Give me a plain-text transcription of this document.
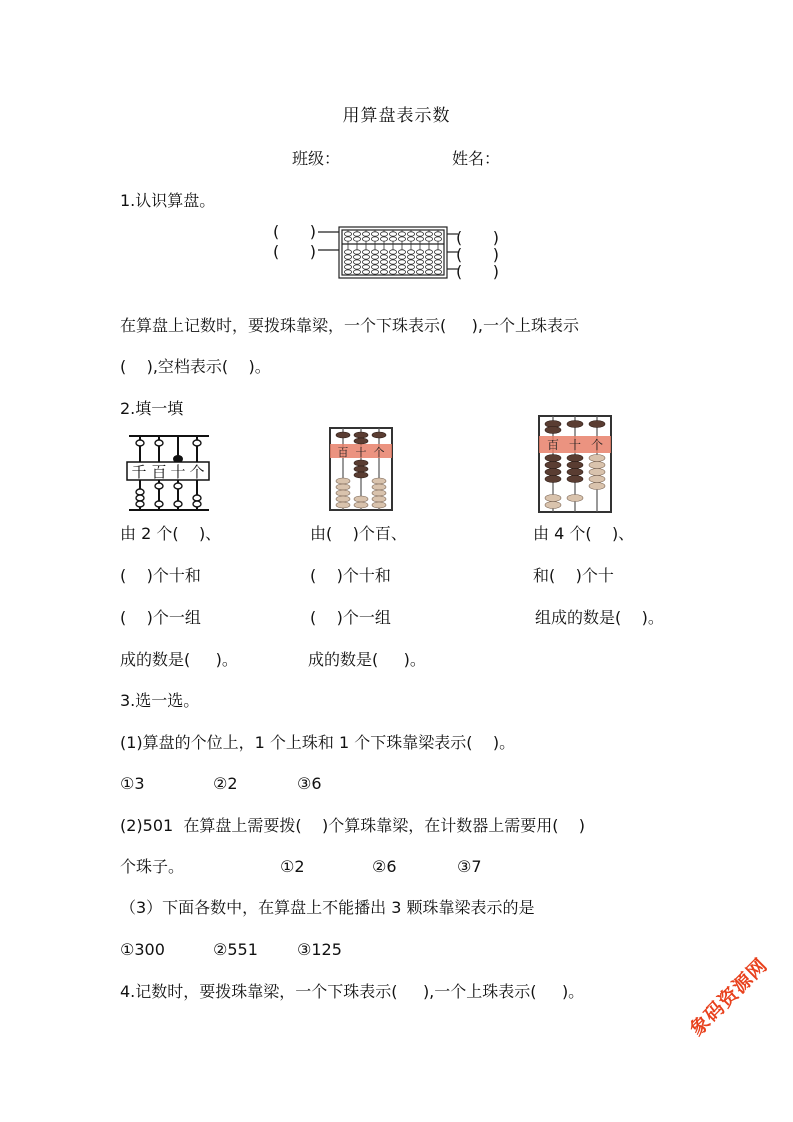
用算盘表示数
班级：	姓名：
1.认识算盘。
(      )
(      )
(      )
(      )
(      )
在算盘上记数时，要拨珠靠梁，一个下珠表示(     ),一个上珠表示
(    ),空档表示(    )。
2.填一填
千 百 十 个
百 十 个
百 十 个
由 2 个(    )、
(    )个十和
(    )个一组
成的数是(     )。
由(    )个百、
(    )个十和
(    )个一组
成的数是(     )。
由 4 个(    )、
和(    )个十
组成的数是(    )。
3.选一选。
(1)算盘的个位上，1 个上珠和 1 个下珠靠梁表示(    )。
①3	②2	③6
(2)501  在算盘上需要拨(    )个算珠靠梁，在计数器上需要用(    )
个珠子。	①2	②6	③7
（3）下面各数中，在算盘上不能播出 3 颗珠靠梁表示的是
①300	②551 ③125
4.记数时，要拨珠靠梁，一个下珠表示(     ),一个上珠表示(     )。	象码资源网
